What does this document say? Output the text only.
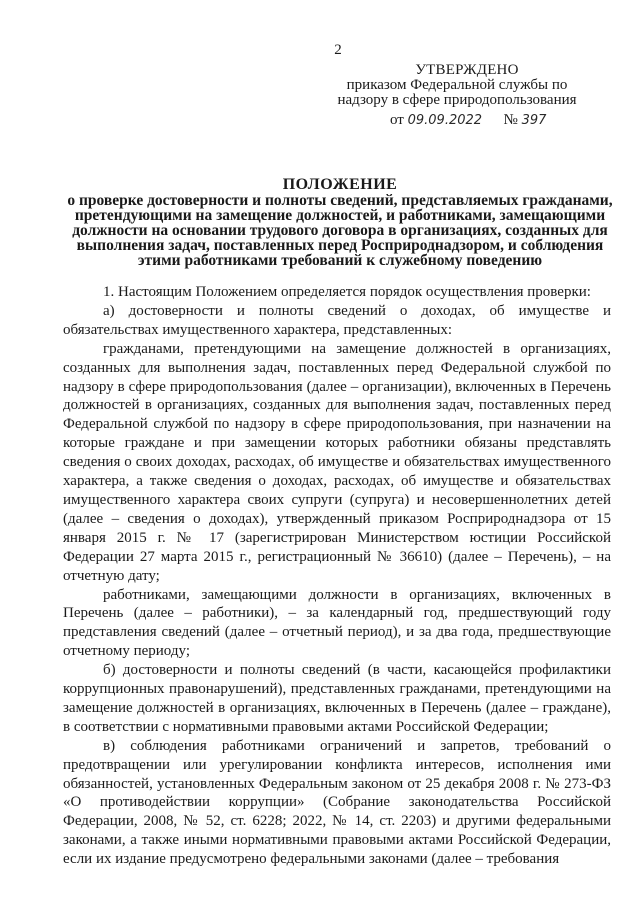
2
УТВЕРЖДЕНО
приказом Федеральной службы по
надзору в сфере природопользования
от 09.09.2022 № 397
ПОЛОЖЕНИЕ
о проверке достоверности и полноты сведений, представляемых гражданами, претендующими на замещение должностей, и работниками, замещающими должности на основании трудового договора в организациях, созданных для выполнения задач, поставленных перед Росприроднадзором, и соблюдения этими работниками требований к служебному поведению

1. Настоящим Положением определяется порядок осуществления проверки:

а) достоверности и полноты сведений о доходах, об имуществе и обязательствах имущественного характера, представленных:

гражданами, претендующими на замещение должностей в организациях, созданных для выполнения задач, поставленных перед Федеральной службой по надзору в сфере природопользования (далее – организации), включенных в Перечень должностей в организациях, созданных для выполнения задач, поставленных перед Федеральной службой по надзору в сфере природопользования, при назначении на которые граждане и при замещении которых работники обязаны представлять сведения о своих доходах, расходах, об имуществе и обязательствах имущественного характера, а также сведения о доходах, расходах, об имуществе и обязательствах имущественного характера своих супруги (супруга) и несовершеннолетних детей (далее – сведения о доходах), утвержденный приказом Росприроднадзора от 15 января 2015 г. № 17 (зарегистрирован Министерством юстиции Российской Федерации 27 марта 2015 г., регистрационный № 36610) (далее – Перечень), – на отчетную дату;

работниками, замещающими должности в организациях, включенных в Перечень (далее – работники), – за календарный год, предшествующий году представления сведений (далее – отчетный период), и за два года, предшествующие отчетному периоду;

б) достоверности и полноты сведений (в части, касающейся профилактики коррупционных правонарушений), представленных гражданами, претендующими на замещение должностей в организациях, включенных в Перечень (далее – граждане), в соответствии с нормативными правовыми актами Российской Федерации;

в) соблюдения работниками ограничений и запретов, требований о предотвращении или урегулировании конфликта интересов, исполнения ими обязанностей, установленных Федеральным законом от 25 декабря 2008 г. № 273-ФЗ «О противодействии коррупции» (Собрание законодательства Российской Федерации, 2008, № 52, ст. 6228; 2022, № 14, ст. 2203) и другими федеральными законами, а также иными нормативными правовыми актами Российской Федерации, если их издание предусмотрено федеральными законами (далее – требования
